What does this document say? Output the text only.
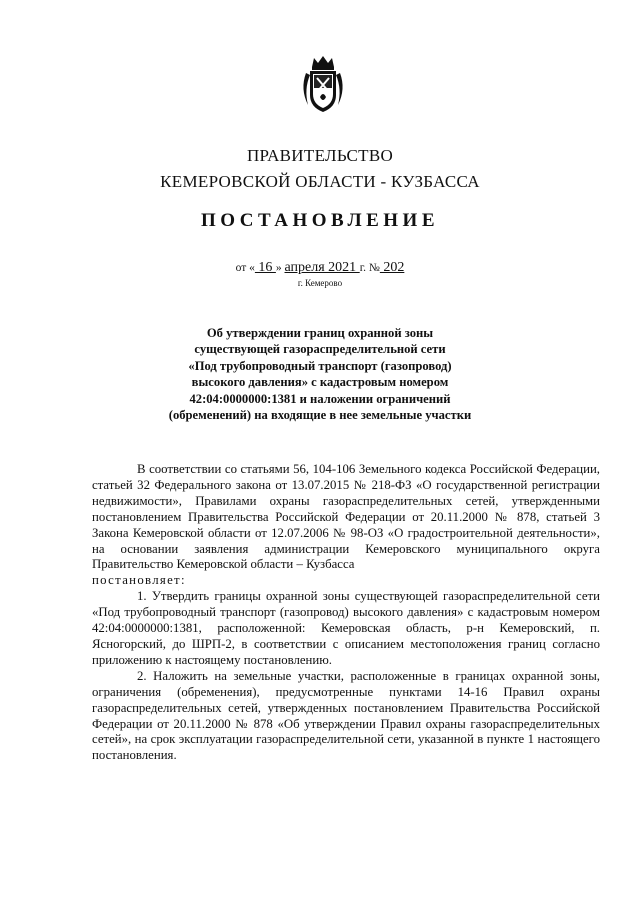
ПРАВИТЕЛЬСТВО
КЕМЕРОВСКОЙ ОБЛАСТИ - КУЗБАССА
ПОСТАНОВЛЕНИЕ
от « 16 » апреля 2021 г. № 202
г. Кемерово
Об утверждении границ охранной зоны
существующей газораспределительной сети
«Под трубопроводный транспорт (газопровод)
высокого давления» с кадастровым номером
42:04:0000000:1381 и наложении ограничений
(обременений) на входящие в нее земельные участки

В соответствии со статьями 56, 104-106 Земельного кодекса Российской Федерации, статьей 32 Федерального закона от 13.07.2015 № 218-ФЗ «О государственной регистрации недвижимости», Правилами охраны газораспределительных сетей, утвержденными постановлением Правительства Российской Федерации от 20.11.2000 № 878, статьей 3 Закона Кемеровской области от 12.07.2006 № 98-ОЗ «О градостроительной деятельности», на основании заявления администрации Кемеровского муниципального округа Правительство Кемеровской области – Кузбасса

постановляет:

1. Утвердить границы охранной зоны существующей газораспределительной сети «Под трубопроводный транспорт (газопровод) высокого давления» с кадастровым номером 42:04:0000000:1381, расположенной: Кемеровская область, р-н Кемеровский, п. Ясногорский, до ШРП-2, в соответствии с описанием местоположения границ согласно приложению к настоящему постановлению.

2. Наложить на земельные участки, расположенные в границах охранной зоны, ограничения (обременения), предусмотренные пунктами 14-16 Правил охраны газораспределительных сетей, утвержденных постановлением Правительства Российской Федерации от 20.11.2000 № 878 «Об утверждении Правил охраны газораспределительных сетей», на срок эксплуатации газораспределительной сети, указанной в пункте 1 настоящего постановления.
